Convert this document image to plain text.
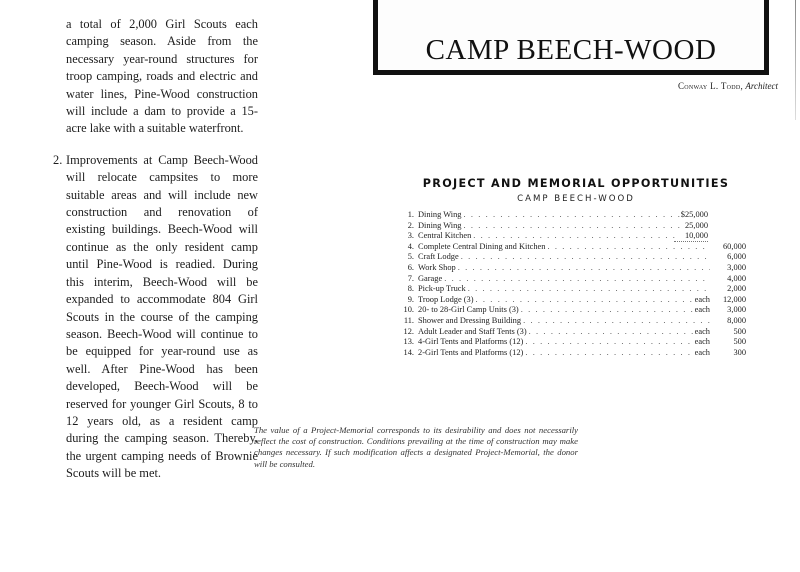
a total of 2,000 Girl Scouts each camping season. Aside from the necessary year-round structures for troop camping, roads and electric and water lines, Pine-Wood construction will include a dam to provide a 15-acre lake with a suitable waterfront.

2. Improvements at Camp Beech-Wood will relocate campsites to more suitable areas and will include new construction and renovation of existing buildings. Beech-Wood will continue as the only resident camp until Pine-Wood is readied. During this interim, Beech-Wood will be expanded to accommodate 804 Girl Scouts in the course of the camping season. Beech-Wood will continue to be equipped for year-round use as well. After Pine-Wood has been developed, Beech-Wood will be reserved for younger Girl Scouts, 8 to 12 years old, as a resident camp during the camping season. Thereby, the urgent camping needs of Brownie Scouts will be met.

CAMP BEECH-WOOD
Conway L. Todd, Architect
PROJECT AND MEMORIAL OPPORTUNITIES
CAMP BEECH-WOOD
1. Dining Wing . . .	$25,000
2. Dining Wing . . .	25,000
3. Central Kitchen . . .	10,000
4. Complete Central Dining and Kitchen . . .	60,000
5. Craft Lodge . . .	6,000
6. Work Shop . . .	3,000
7. Garage . . .	4,000
8. Pick-up Truck . . .	2,000
9. Troop Lodge (3) . . .	each	12,000
10. 20- to 28-Girl Camp Units (3) . . .	each	3,000
11. Shower and Dressing Building . . .	8,000
12. Adult Leader and Staff Tents (3) . . .	each	500
13. 4-Girl Tents and Platforms (12) . . .	each	500
14. 2-Girl Tents and Platforms (12) . . .	each	300
The value of a Project-Memorial corresponds to its desirability and does not necessarily reflect the cost of construction. Conditions prevailing at the time of construction may make changes necessary. If such modification affects a designated Project-Memorial, the donor will be consulted.
